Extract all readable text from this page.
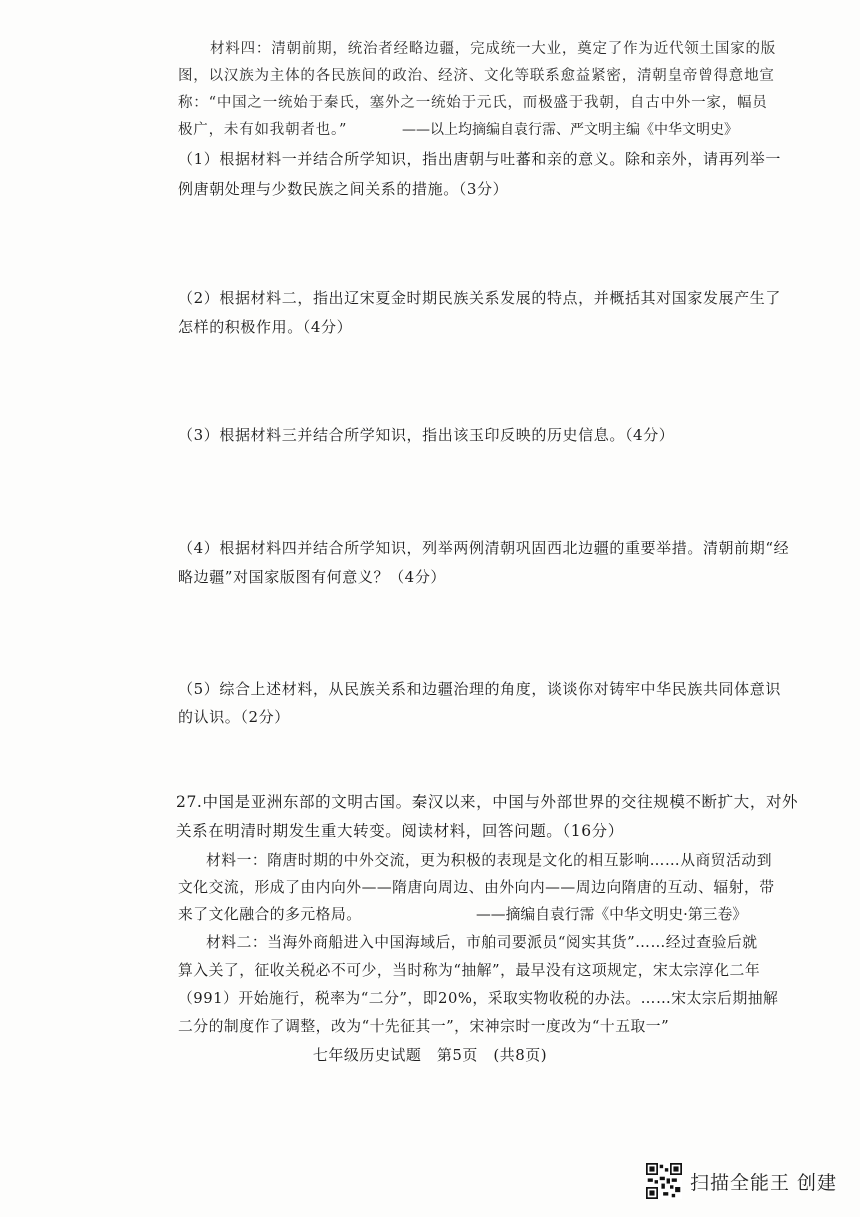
材料四：清朝前期，统治者经略边疆，完成统一大业，奠定了作为近代领土国家的版

图，以汉族为主体的各民族间的政治、经济、文化等联系愈益紧密，清朝皇帝曾得意地宣

称：“中国之一统始于秦氏，塞外之一统始于元氏，而极盛于我朝，自古中外一家，幅员

极广，未有如我朝者也。”	——以上均摘编自袁行霈、严文明主编《中华文明史》

（1）根据材料一并结合所学知识，指出唐朝与吐蕃和亲的意义。除和亲外，请再列举一

例唐朝处理与少数民族之间关系的措施。（3分）

（2）根据材料二，指出辽宋夏金时期民族关系发展的特点，并概括其对国家发展产生了

怎样的积极作用。（4分）

（3）根据材料三并结合所学知识，指出该玉印反映的历史信息。（4分）

（4）根据材料四并结合所学知识，列举两例清朝巩固西北边疆的重要举措。清朝前期“经

略边疆”对国家版图有何意义？（4分）

（5）综合上述材料，从民族关系和边疆治理的角度，谈谈你对铸牢中华民族共同体意识

的认识。（2分）

27.中国是亚洲东部的文明古国。秦汉以来，中国与外部世界的交往规模不断扩大，对外

关系在明清时期发生重大转变。阅读材料，回答问题。（16分）

材料一：隋唐时期的中外交流，更为积极的表现是文化的相互影响……从商贸活动到

文化交流，形成了由内向外——隋唐向周边、由外向内——周边向隋唐的互动、辐射，带

来了文化融合的多元格局。	——摘编自袁行霈《中华文明史·第三卷》

材料二：当海外商船进入中国海域后，市舶司要派员“阅实其货”……经过查验后就

算入关了，征收关税必不可少，当时称为“抽解”，最早没有这项规定，宋太宗淳化二年

（991）开始施行，税率为“二分”，即20%，采取实物收税的办法。……宋太宗后期抽解

二分的制度作了调整，改为“十先征其一”，宋神宗时一度改为“十五取一”

七年级历史试题　第5页　(共8页)

扫描全能王 创建
